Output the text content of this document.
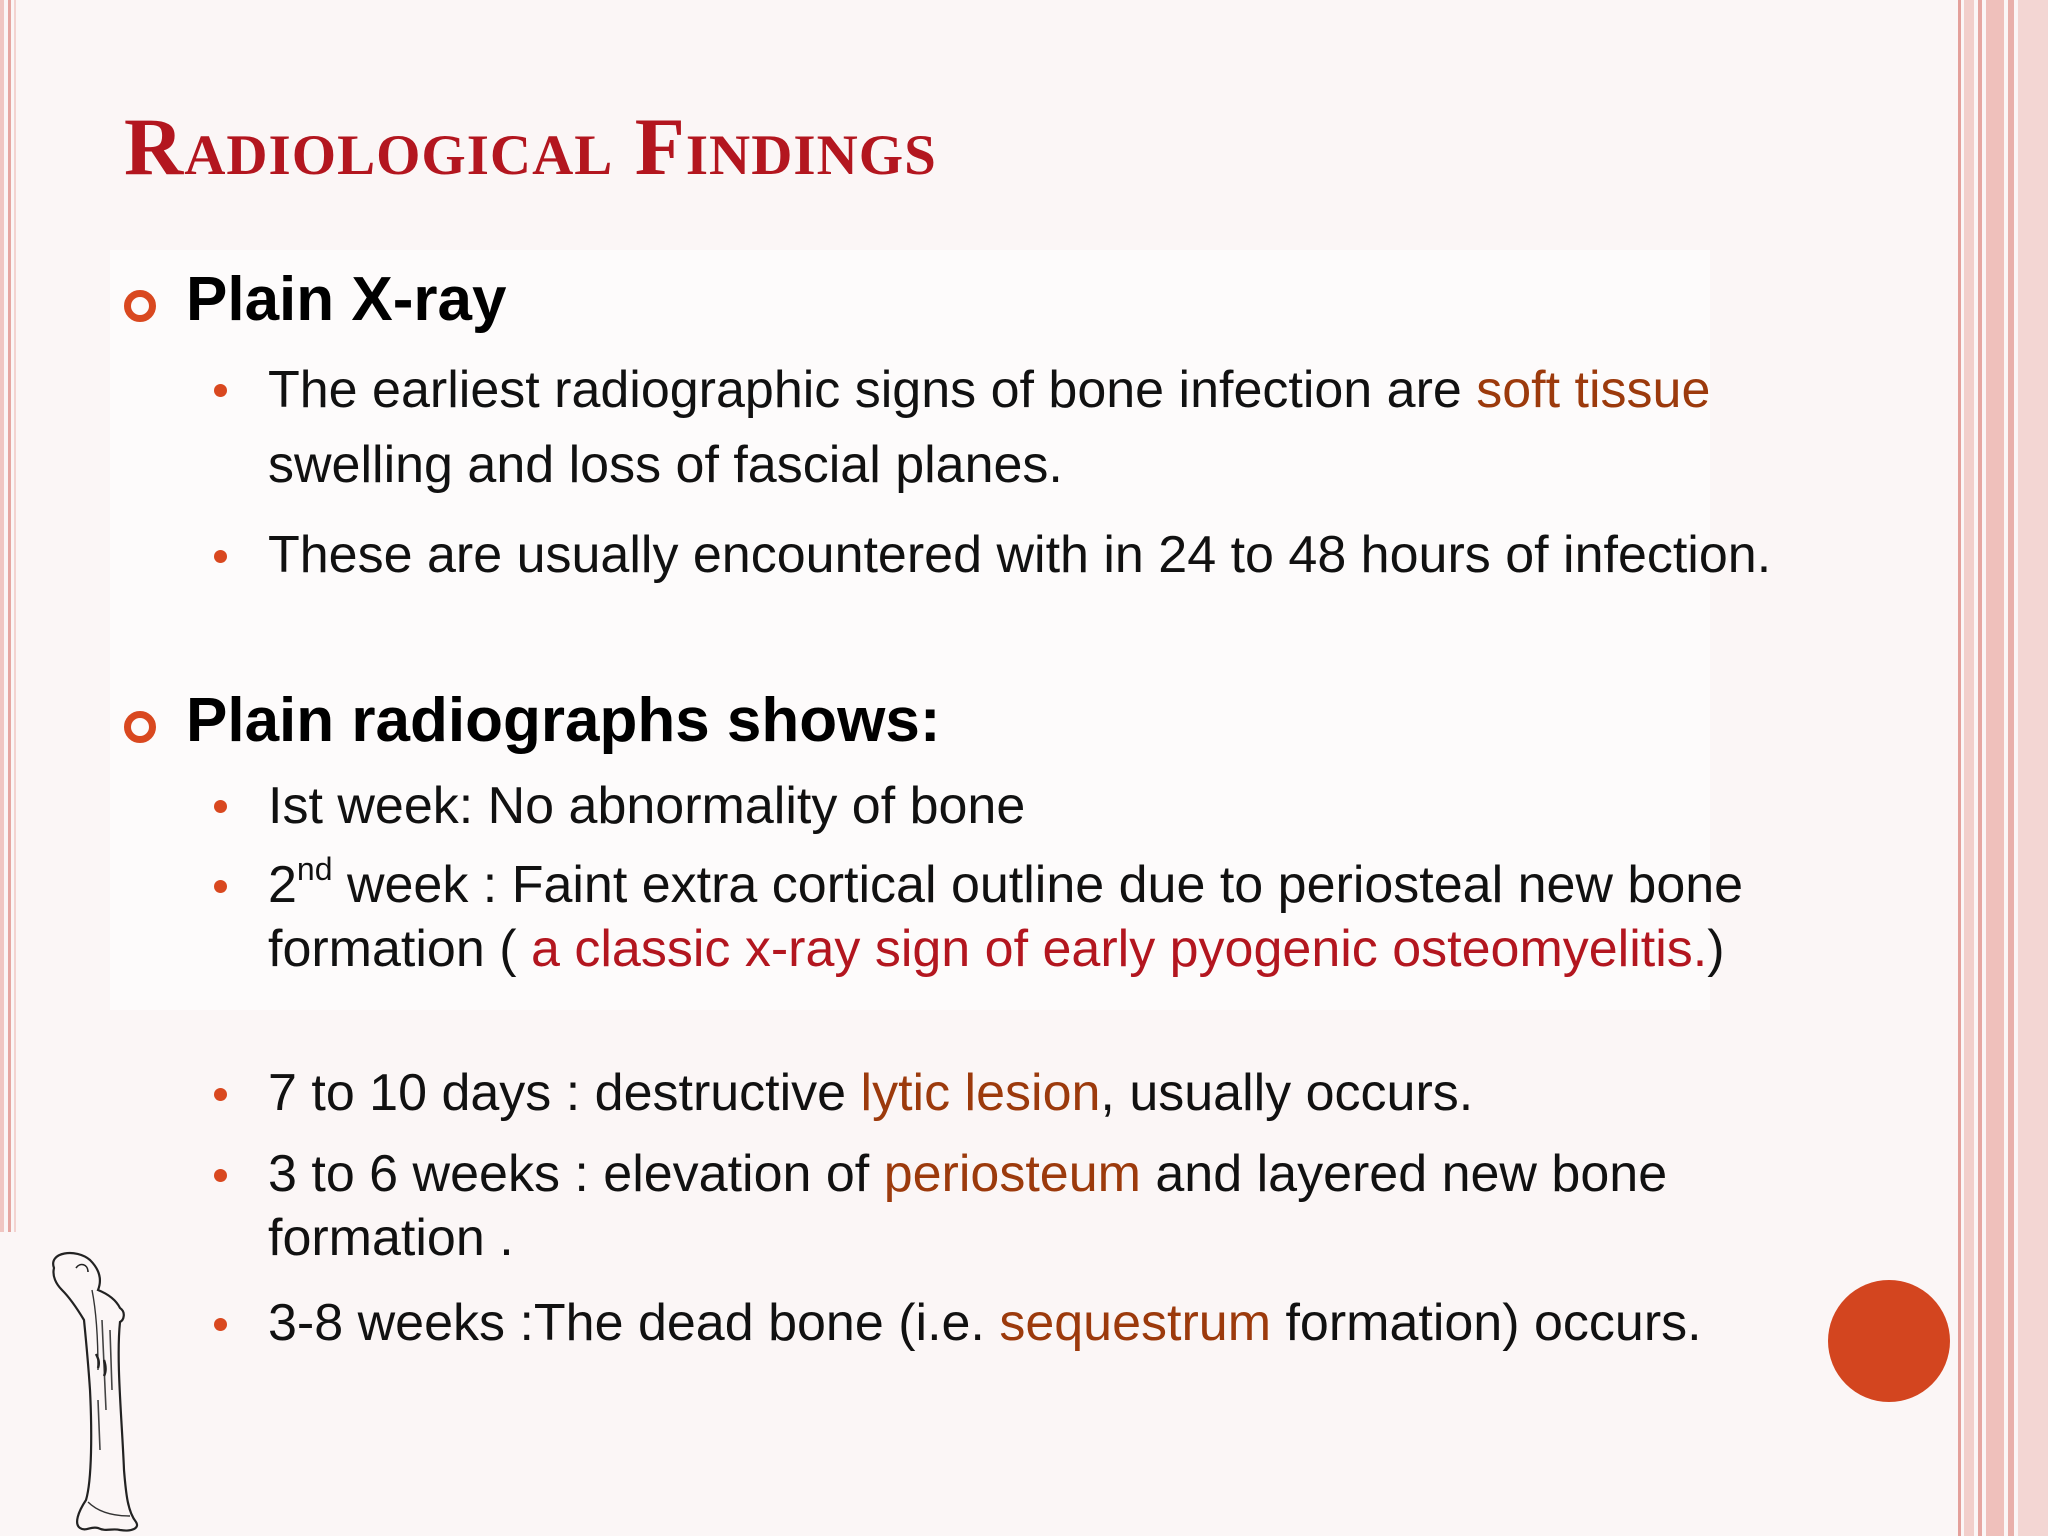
Radiological Findings
Plain X-ray
The earliest radiographic signs of bone infection are soft tissue swelling and loss of fascial planes.
These are usually encountered with in 24 to 48 hours of infection.
Plain radiographs shows:
Ist week: No abnormality of bone
2nd week : Faint extra cortical outline due to periosteal new bone formation ( a classic x-ray sign of early pyogenic osteomyelitis.)
7 to 10 days : destructive lytic lesion, usually occurs.
3 to 6 weeks : elevation of periosteum and layered new bone formation .
3-8 weeks :The dead bone (i.e. sequestrum formation) occurs.
